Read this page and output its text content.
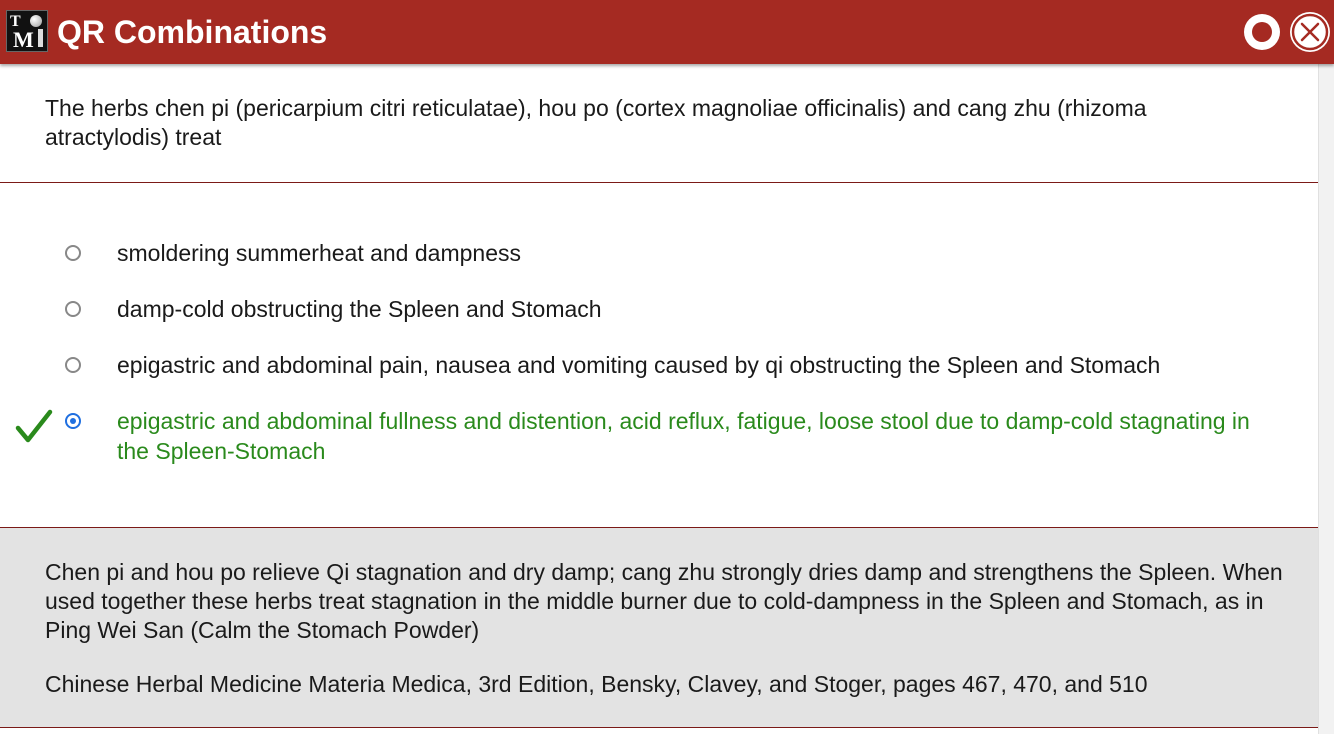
T
M QR Combinations
The herbs chen pi (pericarpium citri reticulatae), hou po (cortex magnoliae officinalis) and cang zhu (rhizoma atractylodis) treat
smoldering summerheat and dampness
damp-cold obstructing the Spleen and Stomach
epigastric and abdominal pain, nausea and vomiting caused by qi obstructing the Spleen and Stomach
epigastric and abdominal fullness and distention, acid reflux, fatigue, loose stool due to damp-cold stagnating in the Spleen-Stomach
Chen pi and hou po relieve Qi stagnation and dry damp; cang zhu strongly dries damp and strengthens the Spleen. When used together these herbs treat stagnation in the middle burner due to cold-dampness in the Spleen and Stomach, as in Ping Wei San (Calm the Stomach Powder)
Chinese Herbal Medicine Materia Medica, 3rd Edition, Bensky, Clavey, and Stoger, pages 467, 470, and 510
